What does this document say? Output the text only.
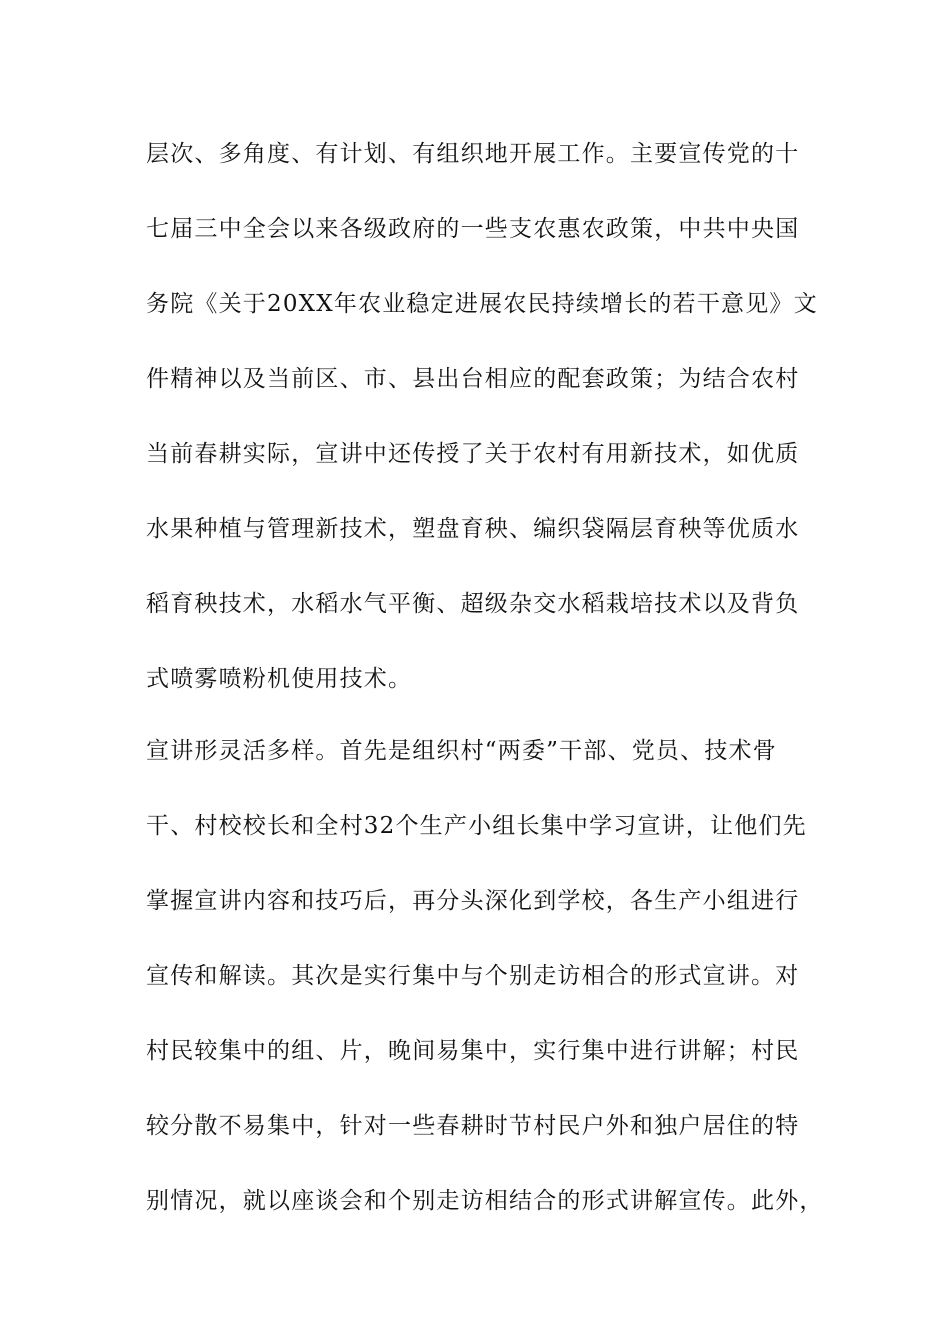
层次、多角度、有计划、有组织地开展工作。主要宣传党的十
七届三中全会以来各级政府的一些支农惠农政策，中共中央国
务院《关于20XX年农业稳定进展农民持续增长的若干意见》文
件精神以及当前区、市、县出台相应的配套政策；为结合农村
当前春耕实际，宣讲中还传授了关于农村有用新技术，如优质
水果种植与管理新技术，塑盘育秧、编织袋隔层育秧等优质水
稻育秧技术，水稻水气平衡、超级杂交水稻栽培技术以及背负
式喷雾喷粉机使用技术。
宣讲形灵活多样。首先是组织村“两委”干部、党员、技术骨
干、村校校长和全村32个生产小组长集中学习宣讲，让他们先
掌握宣讲内容和技巧后，再分头深化到学校，各生产小组进行
宣传和解读。其次是实行集中与个别走访相合的形式宣讲。对
村民较集中的组、片，晚间易集中，实行集中进行讲解；村民
较分散不易集中，针对一些春耕时节村民户外和独户居住的特
别情况，就以座谈会和个别走访相结合的形式讲解宣传。此外，
